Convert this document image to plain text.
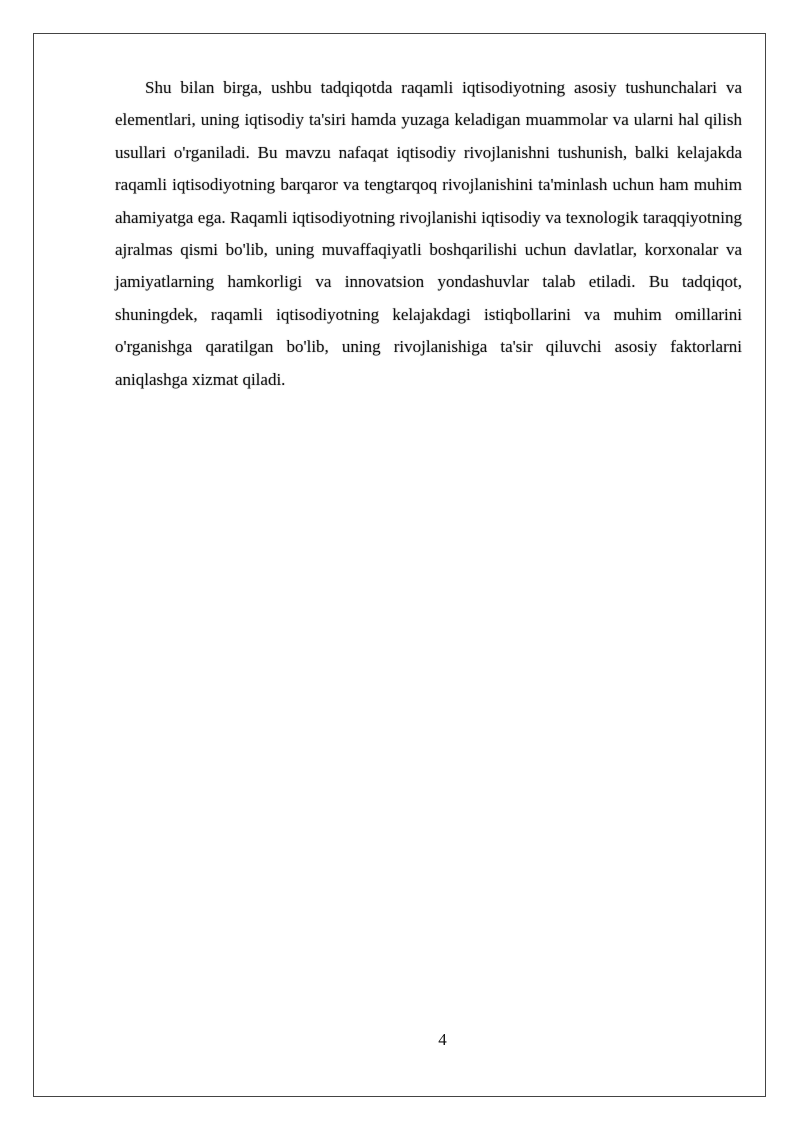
Shu bilan birga, ushbu tadqiqotda raqamli iqtisodiyotning asosiy tushunchalari va elementlari, uning iqtisodiy ta'siri hamda yuzaga keladigan muammolar va ularni hal qilish usullari o'rganiladi. Bu mavzu nafaqat iqtisodiy rivojlanishni tushunish, balki kelajakda raqamli iqtisodiyotning barqaror va tengtarqoq rivojlanishini ta'minlash uchun ham muhim ahamiyatga ega. Raqamli iqtisodiyotning rivojlanishi iqtisodiy va texnologik taraqqiyotning ajralmas qismi bo'lib, uning muvaffaqiyatli boshqarilishi uchun davlatlar, korxonalar va jamiyatlarning hamkorligi va innovatsion yondashuvlar talab etiladi. Bu tadqiqot, shuningdek, raqamli iqtisodiyotning kelajakdagi istiqbollarini va muhim omillarini o'rganishga qaratilgan bo'lib, uning rivojlanishiga ta'sir qiluvchi asosiy faktorlarni aniqlashga xizmat qiladi.

4
